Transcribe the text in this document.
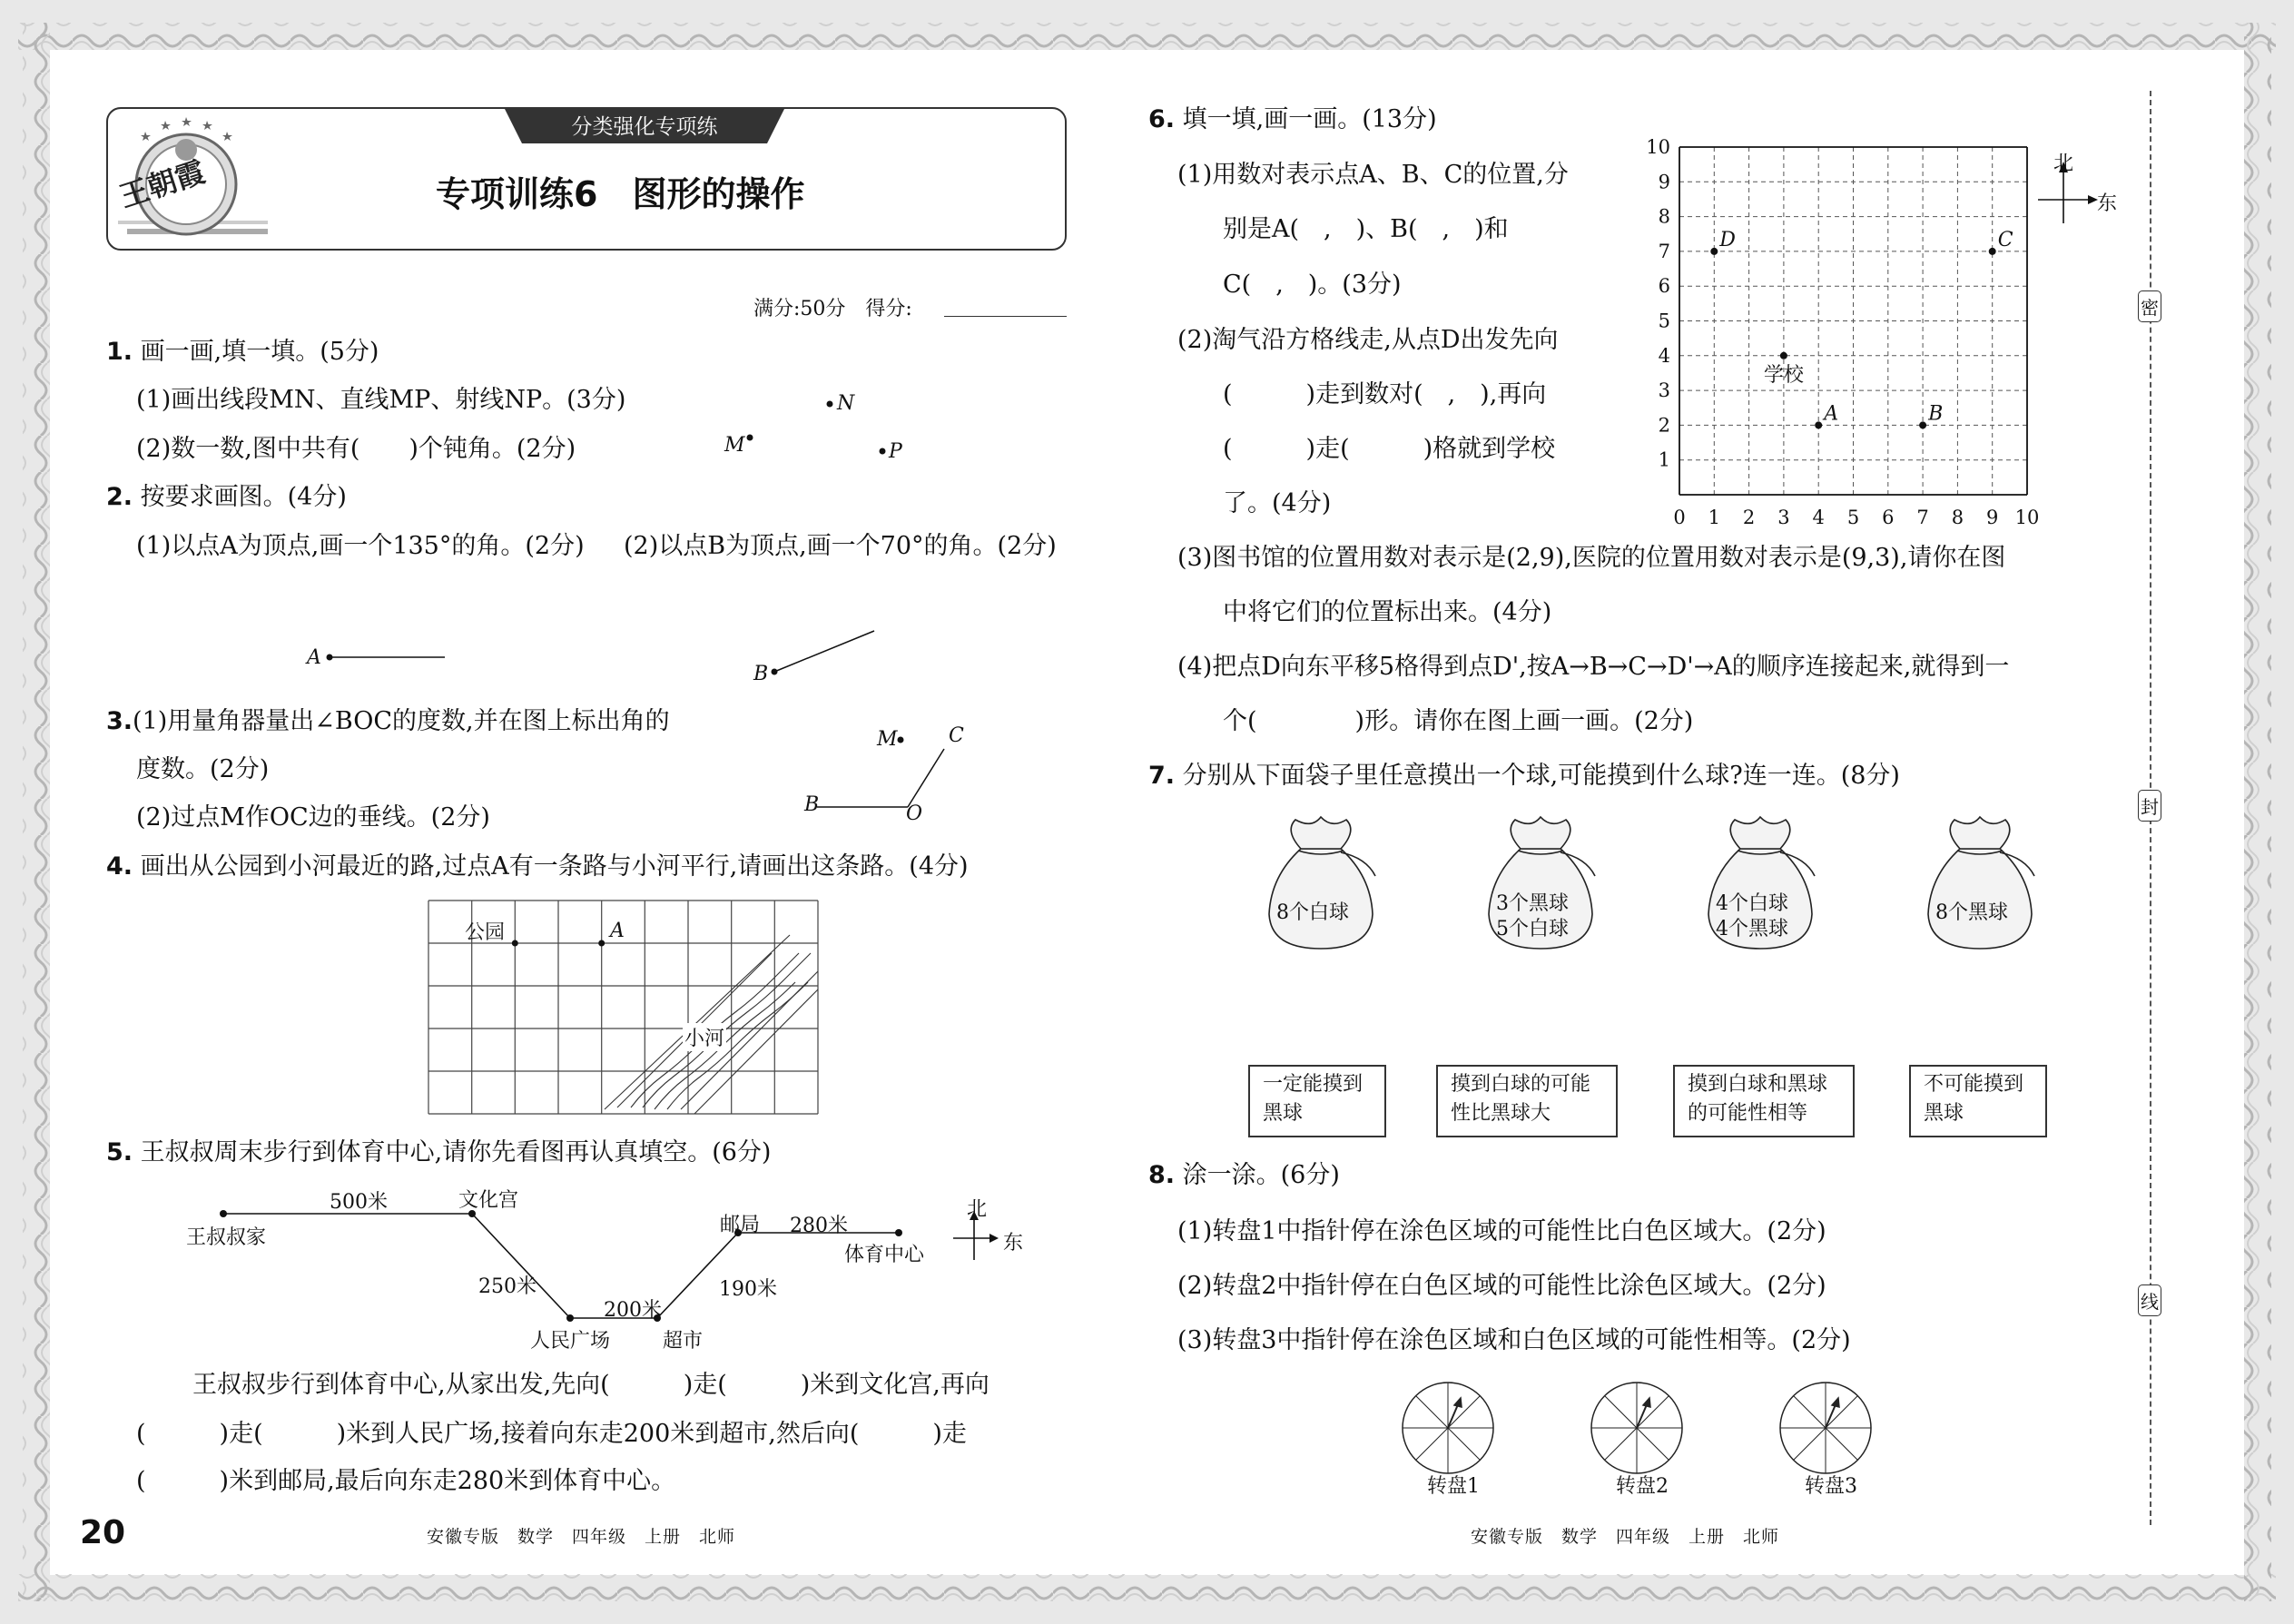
分类强化专项练
专项训练6　图形的操作
王朝霞
满分:50分　得分:
1. 画一画,填一填。(5分)
(1)画出线段MN、直线MP、射线NP。(3分)
(2)数一数,图中共有(　　)个钝角。(2分)
N
M	P
2. 按要求画图。(4分)
(1)以点A为顶点,画一个135°的角。(2分) (2)以点B为顶点,画一个70°的角。(2分)
A
B
3.(1)用量角器量出∠BOC的度数,并在图上标出角的
度数。(2分)
(2)过点M作OC边的垂线。(2分)
M	C
B	O
4. 画出从公园到小河最近的路,过点A有一条路与小河平行,请画出这条路。(4分)
公园	A
小河
5. 王叔叔周末步行到体育中心,请你先看图再认真填空。(6分)
王叔叔家
500米	文化宫
250米
200米
人民广场	超市
190米
邮局 280米
体育中心
北
东
王叔叔步行到体育中心,从家出发,先向(　　　)走(　　　)米到文化宫,再向
(　　　)走(　　　)米到人民广场,接着向东走200米到超市,然后向(　　　)走
(　　　)米到邮局,最后向东走280米到体育中心。
20	安徽专版　数学　四年级　上册　北师
6. 填一填,画一画。(13分)
(1)用数对表示点A、B、C的位置,分
别是A(　,　)、B(　,　)和
C(　,　)。(3分)
(2)淘气沿方格线走,从点D出发先向
(　　　)走到数对(　,　),再向
(　　　)走(　　　)格就到学校
了。(4分)	0 1 2 3 4 5 6 7 8 9 10
1
2
3
4
5
6
7
8
9
10
D	C
学校
A	B
北
东
(3)图书馆的位置用数对表示是(2,9),医院的位置用数对表示是(9,3),请你在图
中将它们的位置标出来。(4分)
(4)把点D向东平移5格得到点D',按A→B→C→D'→A的顺序连接起来,就得到一
个(　　　　)形。请你在图上画一画。(2分)
7. 分别从下面袋子里任意摸出一个球,可能摸到什么球?连一连。(8分)
8个白球	3个黑球
5个白球
4个白球
4个黑球
8个黑球
一定能摸到
黑球
摸到白球的可能
性比黑球大
摸到白球和黑球
的可能性相等
不可能摸到
黑球
8. 涂一涂。(6分)
(1)转盘1中指针停在涂色区域的可能性比白色区域大。(2分)
(2)转盘2中指针停在白色区域的可能性比涂色区域大。(2分)
(3)转盘3中指针停在涂色区域和白色区域的可能性相等。(2分)
转盘1	转盘2	转盘3
安徽专版　数学　四年级　上册　北师
密
封
线
